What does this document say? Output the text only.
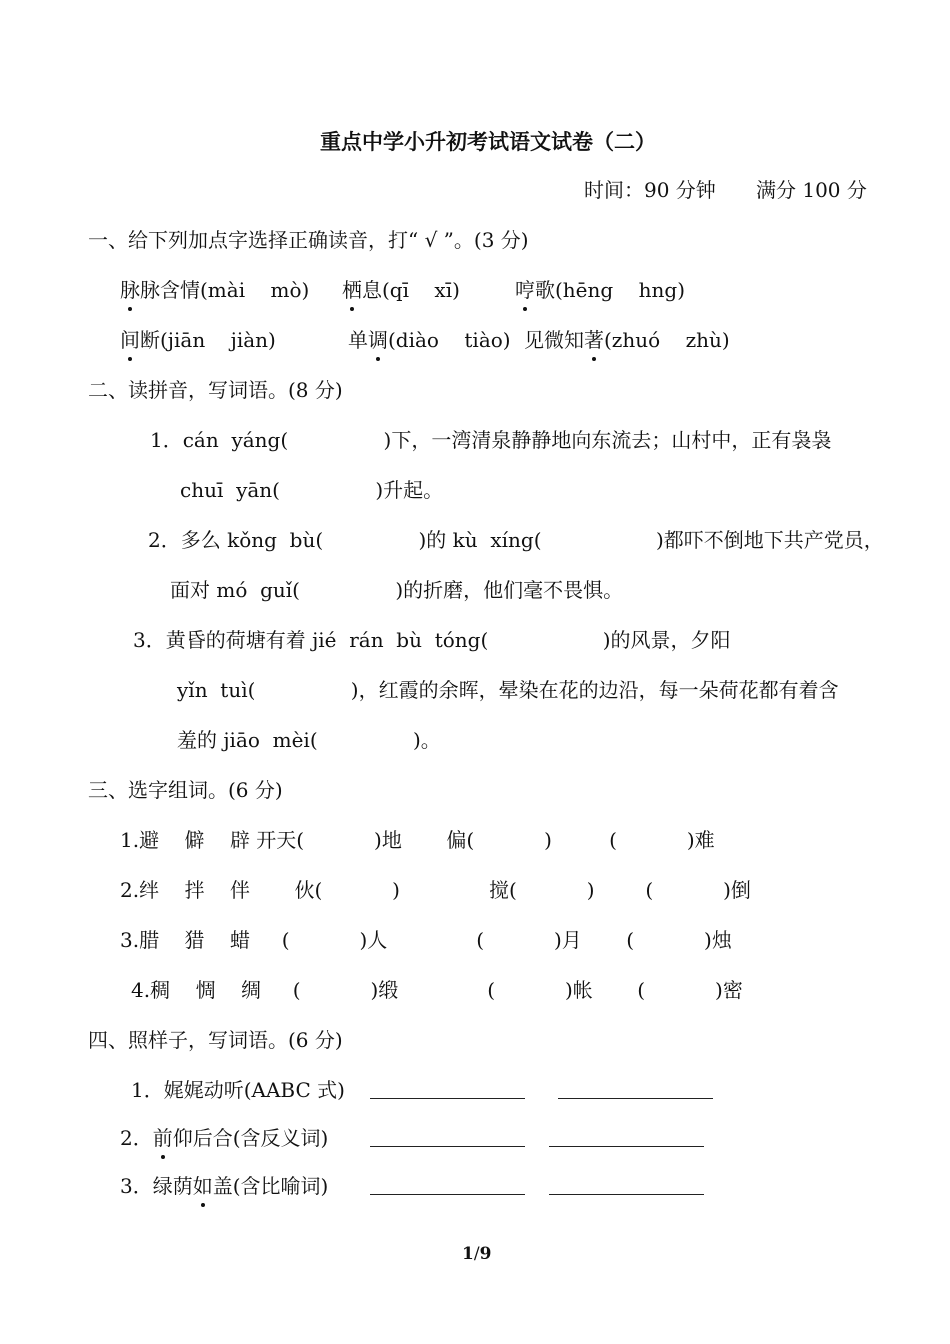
重点中学小升初考试语文试卷（二）
时间：90 分钟 满分 100 分
一、给下列加点字选择正确读音，打“ √ ”。(3 分)
脉脉含情(mài    mò) 栖息(qī    xī)	哼歌(hēng    hng)
间断(jiān    jiàn)	单调(diào    tiào) 见微知著(zhuó    zhù)
二、读拼音，写词语。(8 分)
1．cán  yáng(               )下，一湾清泉静静地向东流去；山村中，正有袅袅
chuī  yān(               )升起。
2．多么 kǒng  bù(               )的 kù  xíng(                  )都吓不倒地下共产党员，
面对 mó  guǐ(               )的折磨，他们毫不畏惧。
3．黄昏的荷塘有着 jié  rán  bù  tóng(                  )的风景，夕阳
yǐn  tuì(               )，红霞的余晖，晕染在花的边沿，每一朵荷花都有着含
羞的 jiāo  mèi(               )。
三、选字组词。(6 分)
1.避    僻    辟 开天(           )地       偏(           )         (           )难
2.绊    拌    伴       伙(           )              搅(           )        (           )倒
3.腊    猎    蜡     (           )人              (           )月       (           )烛
4.稠    惆    绸     (           )缎              (           )帐       (           )密
四、照样子，写词语。(6 分)
1．娓娓动听(AABC 式)
2．前仰后合(含反义词)
3．绿荫如盖(含比喻词)
1/9
